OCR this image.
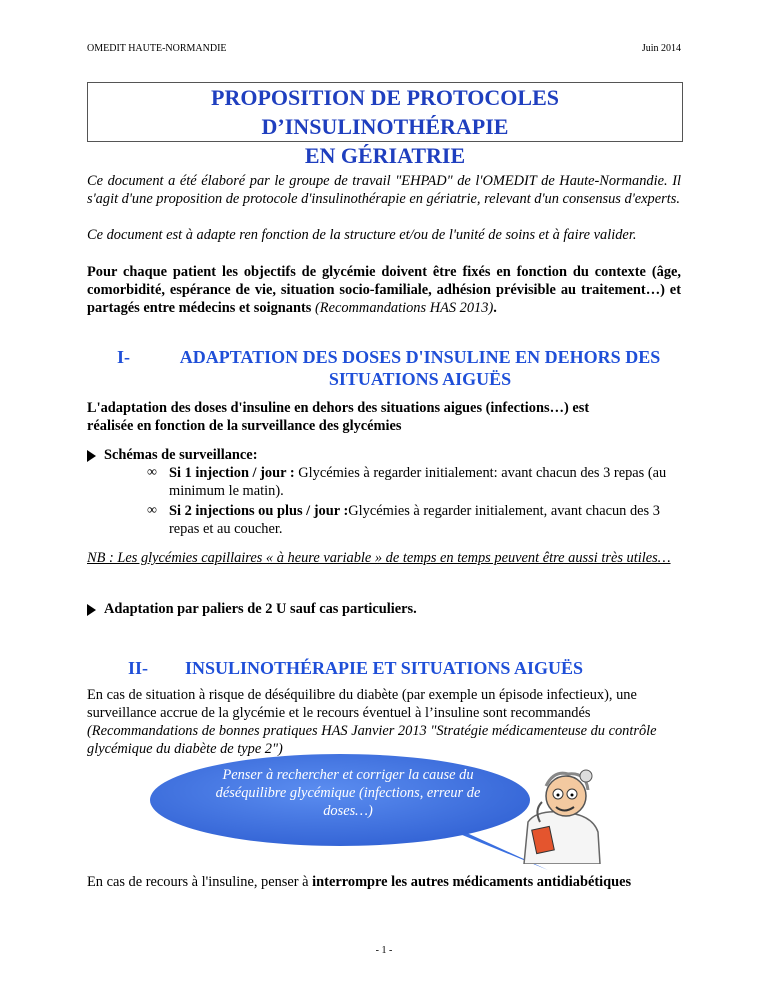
OMEDIT HAUTE-NORMANDIE	Juin 2014
PROPOSITION DE PROTOCOLES D’INSULINOTHÉRAPIE
EN GÉRIATRIE
Ce document a été élaboré par le groupe de travail "EHPAD" de l'OMEDIT de Haute-Normandie. Il s'agit d'une proposition de protocole d'insulinothérapie en gériatrie, relevant d'un consensus d'experts.
Ce document est à adapte ren fonction de la structure et/ou de l'unité de soins et à faire valider.
Pour chaque patient les objectifs de glycémie doivent être fixés en fonction du contexte (âge, comorbidité, espérance de vie, situation socio-familiale, adhésion prévisible au traitement…) et partagés entre médecins et soignants (Recommandations HAS 2013).
I-	ADAPTATION DES DOSES D'INSULINE EN DEHORS DES
SITUATIONS AIGUËS
L'adaptation des doses d'insuline en dehors des situations aigues (infections…) est réalisée en fonction de la surveillance des glycémies
Schémas de surveillance:
∞ Si 1 injection / jour : Glycémies à regarder initialement: avant chacun des 3 repas (au minimum le matin).
∞ Si 2 injections ou plus / jour :Glycémies à regarder initialement, avant chacun des 3 repas et au coucher.
NB : Les glycémies capillaires « à heure variable » de temps en temps peuvent être aussi très utiles…
Adaptation par paliers de 2 U sauf cas particuliers.
II- INSULINOTHÉRAPIE ET SITUATIONS AIGUËS
En cas de situation à risque de déséquilibre du diabète (par exemple un épisode infectieux), une surveillance accrue de la glycémie et le recours éventuel à l’insuline sont recommandés (Recommandations de bonnes pratiques HAS Janvier 2013 "Stratégie médicamenteuse du contrôle glycémique du diabète de type 2")
Penser à rechercher et corriger la cause du déséquilibre glycémique (infections, erreur de doses…)
En cas de recours à l'insuline, penser à interrompre les autres médicaments antidiabétiques
- 1 -
